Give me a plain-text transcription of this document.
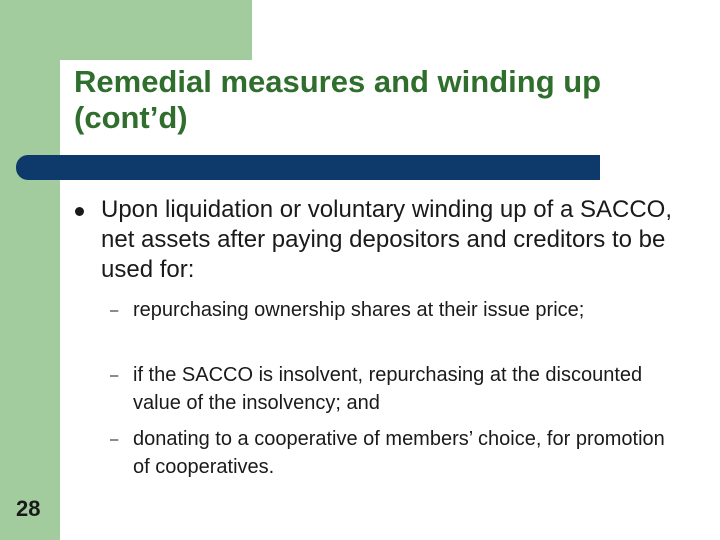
Remedial measures and winding up (cont’d)
Upon liquidation or voluntary winding up of a SACCO, net assets after paying depositors and creditors to be used for:
– repurchasing ownership shares at their issue price;
– if the SACCO is insolvent, repurchasing at the discounted value of the insolvency; and
– donating to a cooperative of members’ choice, for promotion of cooperatives.
28
